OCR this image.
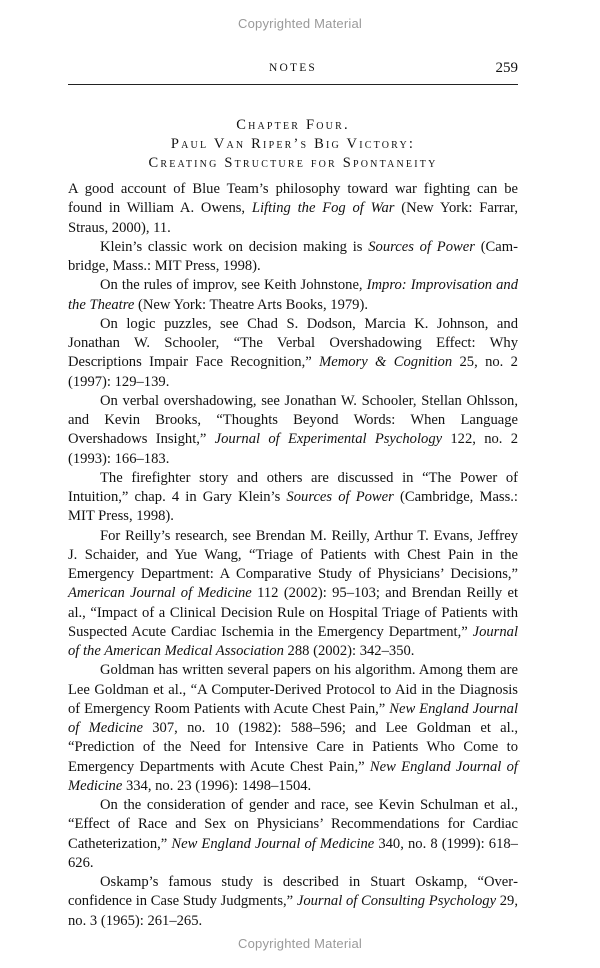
Copyrighted Material
NOTES	259
Chapter Four.
Paul Van Riper’s Big Victory:
Creating Structure for Spontaneity

A good account of Blue Team’s philosophy toward war fighting can be found in William A. Owens, Lifting the Fog of War (New York: Farrar, Straus, 2000), 11.

Klein’s classic work on decision making is Sources of Power (Cambridge, Mass.: MIT Press, 1998).

On the rules of improv, see Keith Johnstone, Impro: Improvisation and the Theatre (New York: Theatre Arts Books, 1979).

On logic puzzles, see Chad S. Dodson, Marcia K. Johnson, and Jonathan W. Schooler, “The Verbal Overshadowing Effect: Why Descriptions Impair Face Recognition,” Memory & Cognition 25, no. 2 (1997): 129–139.

On verbal overshadowing, see Jonathan W. Schooler, Stellan Ohlsson, and Kevin Brooks, “Thoughts Beyond Words: When Language Overshadows Insight,” Journal of Experimental Psychology 122, no. 2 (1993): 166–183.

The firefighter story and others are discussed in “The Power of Intuition,” chap. 4 in Gary Klein’s Sources of Power (Cambridge, Mass.: MIT Press, 1998).

For Reilly’s research, see Brendan M. Reilly, Arthur T. Evans, Jeffrey J. Schaider, and Yue Wang, “Triage of Patients with Chest Pain in the Emergency Department: A Comparative Study of Physicians’ Decisions,” American Journal of Medicine 112 (2002): 95–103; and Brendan Reilly et al., “Impact of a Clinical Decision Rule on Hospital Triage of Patients with Suspected Acute Cardiac Ischemia in the Emergency Department,” Journal of the American Medical Association 288 (2002): 342–350.

Goldman has written several papers on his algorithm. Among them are Lee Goldman et al., “A Computer-Derived Protocol to Aid in the Diagnosis of Emergency Room Patients with Acute Chest Pain,” New England Journal of Medicine 307, no. 10 (1982): 588–596; and Lee Goldman et al., “Prediction of the Need for Intensive Care in Patients Who Come to Emergency Departments with Acute Chest Pain,” New England Journal of Medicine 334, no. 23 (1996): 1498–1504.

On the consideration of gender and race, see Kevin Schulman et al., “Effect of Race and Sex on Physicians’ Recommendations for Cardiac Catheterization,” New England Journal of Medicine 340, no. 8 (1999): 618–626.

Oskamp’s famous study is described in Stuart Oskamp, “Overconfidence in Case Study Judgments,” Journal of Consulting Psychology 29, no. 3 (1965): 261–265.

Copyrighted Material
